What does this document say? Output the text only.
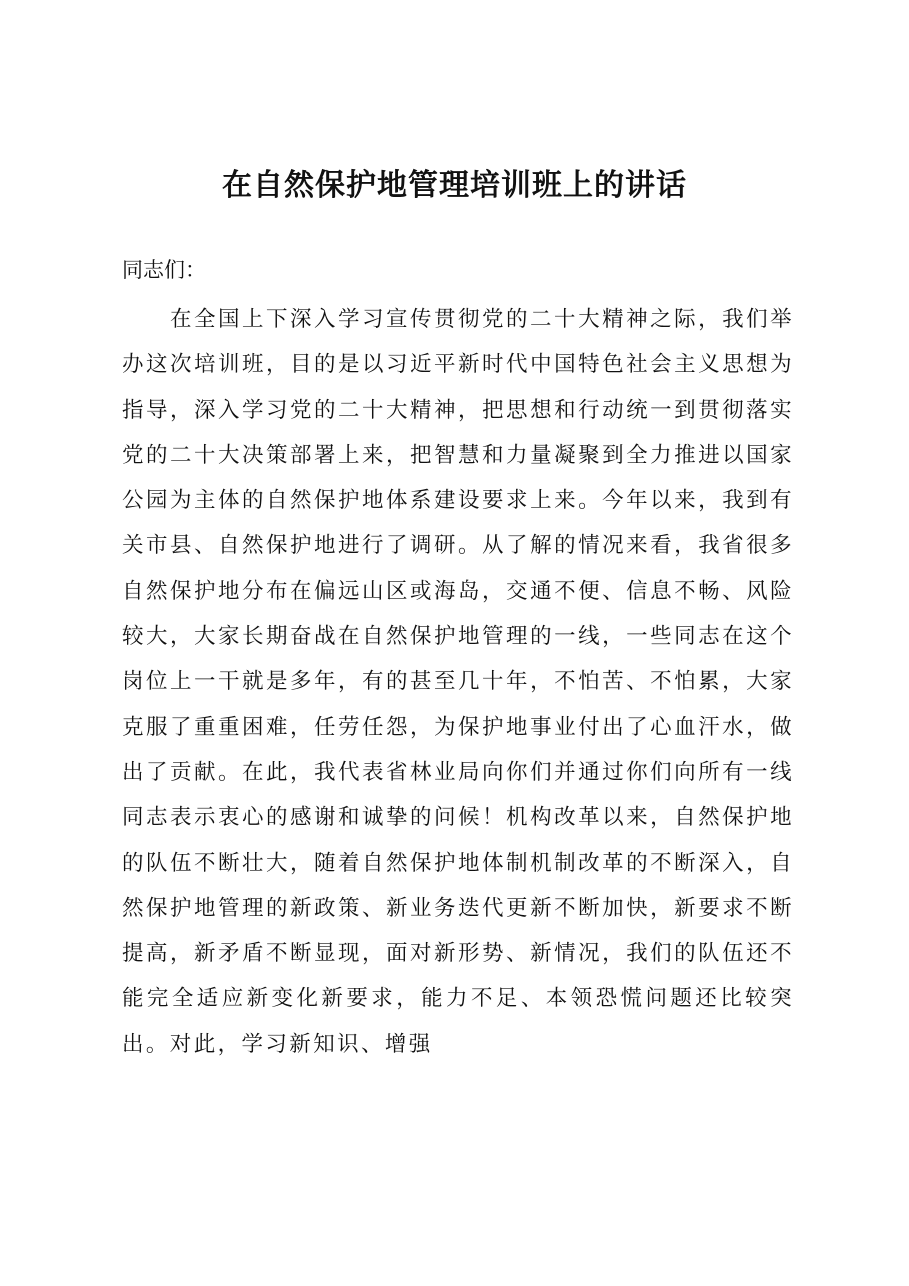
在自然保护地管理培训班上的讲话

同志们：

在全国上下深入学习宣传贯彻党的二十大精神之际，我们举办这次培训班，目的是以习近平新时代中国特色社会主义思想为指导，深入学习党的二十大精神，把思想和行动统一到贯彻落实党的二十大决策部署上来，把智慧和力量凝聚到全力推进以国家公园为主体的自然保护地体系建设要求上来。今年以来，我到有关市县、自然保护地进行了调研。从了解的情况来看，我省很多自然保护地分布在偏远山区或海岛，交通不便、信息不畅、风险较大，大家长期奋战在自然保护地管理的一线，一些同志在这个岗位上一干就是多年，有的甚至几十年，不怕苦、不怕累，大家克服了重重困难，任劳任怨，为保护地事业付出了心血汗水，做出了贡献。在此，我代表省林业局向你们并通过你们向所有一线同志表示衷心的感谢和诚挚的问候！机构改革以来，自然保护地的队伍不断壮大，随着自然保护地体制机制改革的不断深入，自然保护地管理的新政策、新业务迭代更新不断加快，新要求不断提高，新矛盾不断显现，面对新形势、新情况，我们的队伍还不能完全适应新变化新要求，能力不足、本领恐慌问题还比较突出。对此，学习新知识、增强
